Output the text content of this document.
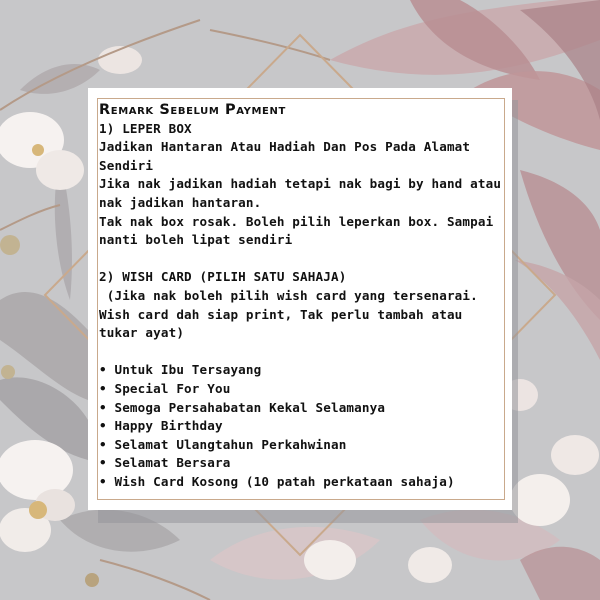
Remark Sebelum Payment

1) LEPER BOX

Jadikan Hantaran Atau Hadiah Dan Pos Pada Alamat Sendiri

Jika nak jadikan hadiah tetapi nak bagi by hand atau nak jadikan hantaran.

Tak nak box rosak. Boleh pilih leperkan box. Sampai nanti boleh lipat sendiri

2) WISH CARD (PILIH SATU SAHAJA)

(Jika nak boleh pilih wish card yang tersenarai.

Wish card dah siap print, Tak perlu tambah atau tukar ayat)

• Untuk Ibu Tersayang
• Special For You
• Semoga Persahabatan Kekal Selamanya
• Happy Birthday
• Selamat Ulangtahun Perkahwinan
• Selamat Bersara
• Wish Card Kosong (10 patah perkataan sahaja)
